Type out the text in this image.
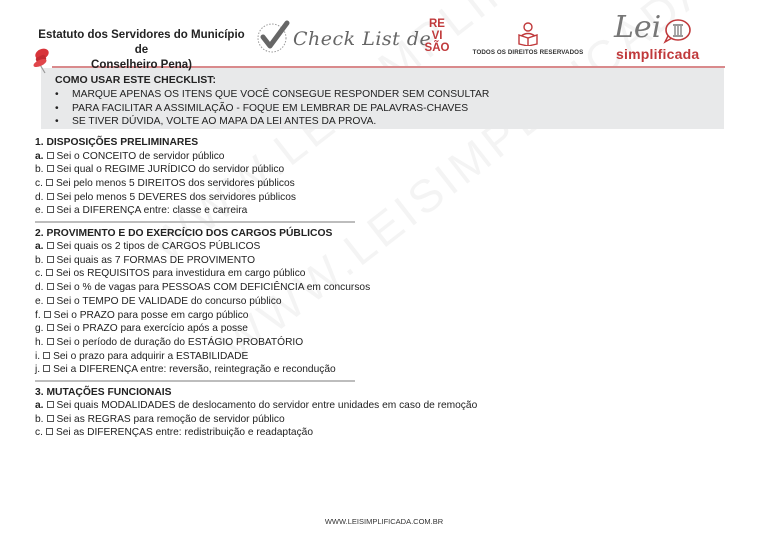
Estatuto dos Servidores do Município de
Conselheiro Pena)
Check List de
RE
VI
SÃO	TODOS OS DIREITOS RESERVADOS
Lei
simplificada
COMO USAR ESTE CHECKLIST:
• MARQUE APENAS OS ITENS QUE VOCÊ CONSEGUE RESPONDER SEM CONSULTAR
• PARA FACILITAR A ASSIMILAÇÃO - FOQUE EM LEMBRAR DE PALAVRAS-CHAVES
• SE TIVER DÚVIDA, VOLTE AO MAPA DA LEI ANTES DA PROVA.
1. DISPOSIÇÕES PRELIMINARES
a. Sei o CONCEITO de servidor público
b. Sei qual o REGIME JURÍDICO do servidor público
c. Sei pelo menos 5 DIREITOS dos servidores públicos
d. Sei pelo menos 5 DEVERES dos servidores públicos
e. Sei a DIFERENÇA entre: classe e carreira
2. PROVIMENTO E DO EXERCÍCIO DOS CARGOS PÚBLICOS
a. Sei quais os 2 tipos de CARGOS PÚBLICOS
b. Sei quais as 7 FORMAS DE PROVIMENTO
c. Sei os REQUISITOS para investidura em cargo público
d. Sei o % de vagas para PESSOAS COM DEFICIÊNCIA em concursos
e. Sei o TEMPO DE VALIDADE do concurso público
f. Sei o PRAZO para posse em cargo público
g. Sei o PRAZO para exercício após a posse
h. Sei o período de duração do ESTÁGIO PROBATÓRIO
i. Sei o prazo para adquirir a ESTABILIDADE
j. Sei a DIFERENÇA entre: reversão, reintegração e recondução
3. MUTAÇÕES FUNCIONAIS
a. Sei quais MODALIDADES de deslocamento do servidor entre unidades em caso de remoção
b. Sei as REGRAS para remoção de servidor público
c. Sei as DIFERENÇAS entre: redistribuição e readaptação
WWW.LEISIMPLIFICADA.COM.BR
